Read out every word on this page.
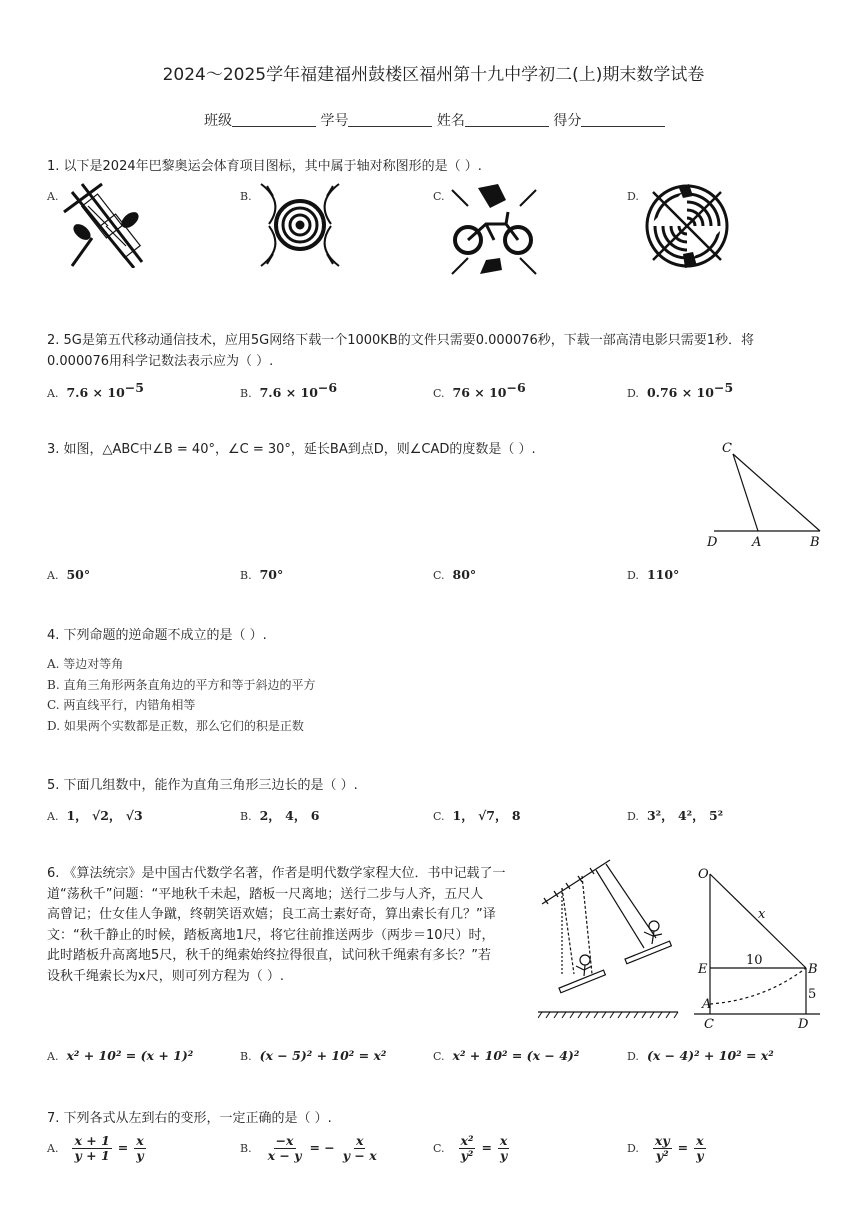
2024～2025学年福建福州鼓楼区福州第十九中学初二(上)期末数学试卷
班级	学号	姓名	得分
1. 以下是2024年巴黎奥运会体育项目图标，其中属于轴对称图形的是（ ）.
A.	B.	C.	D.
2. 5G是第五代移动通信技术，应用5G网络下载一个1000KB的文件只需要0.000076秒，下载一部高清电影只需要1秒．将
0.000076用科学记数法表示应为（ ）.
A. $7.6 \times 10^{-5}$	B. $7.6 \times 10^{-6}$	C. $76 \times 10^{-6}$	D. $0.76 \times 10^{-5}$
3. 如图，△ABC中∠B = 40°，∠C = 30°，延长BA到点D，则∠CAD的度数是（ ）.	C
D	A	B
A. 50°	B. 70°	C. 80°	D. 110°
4. 下列命题的逆命题不成立的是（ ）.
A. 等边对等角
B. 直角三角形两条直角边的平方和等于斜边的平方
C. 两直线平行，内错角相等
D. 如果两个实数都是正数，那么它们的积是正数
5. 下面几组数中，能作为直角三角形三边长的是（ ）.
A. 1， √2， √3	B. 2， 4， 6	C. 1， √7， 8	D. 3²， 4²， 5²
6. 《算法统宗》是中国古代数学名著，作者是明代数学家程大位．书中记载了一
道“荡秋千”问题：“平地秋千未起，踏板一尺离地；送行二步与人齐，五尺人
高曾记；仕女佳人争蹴，终朝笑语欢嬉；良工高士素好奇，算出索长有几？”译
文：“秋千静止的时候，踏板离地1尺，将它往前推送两步（两步＝10尺）时，
此时踏板升高离地5尺，秋千的绳索始终拉得很直，试问秋千绳索有多长？”若
设秋千绳索长为x尺，则可列方程为（ ）.
O
x
E	B
A
C	D
10
5
A. x² + 10² = (x + 1)²	B. (x − 5)² + 10² = x²	C. x² + 10² = (x − 4)²	D. (x − 4)² + 10² = x²
7. 下列各式从左到右的变形，一定正确的是（ ）.
A. $\frac{x + 1}{y + 1} = \frac{x}{y}$	B. $\frac{-x}{x - y}$ = − $\frac{x}{y - x}$	C. $\frac{\text{x²}}{\text{y²}} = \frac{x}{y}$	D. $\frac{xy}{\text{y²}} = \frac{x}{y}$
